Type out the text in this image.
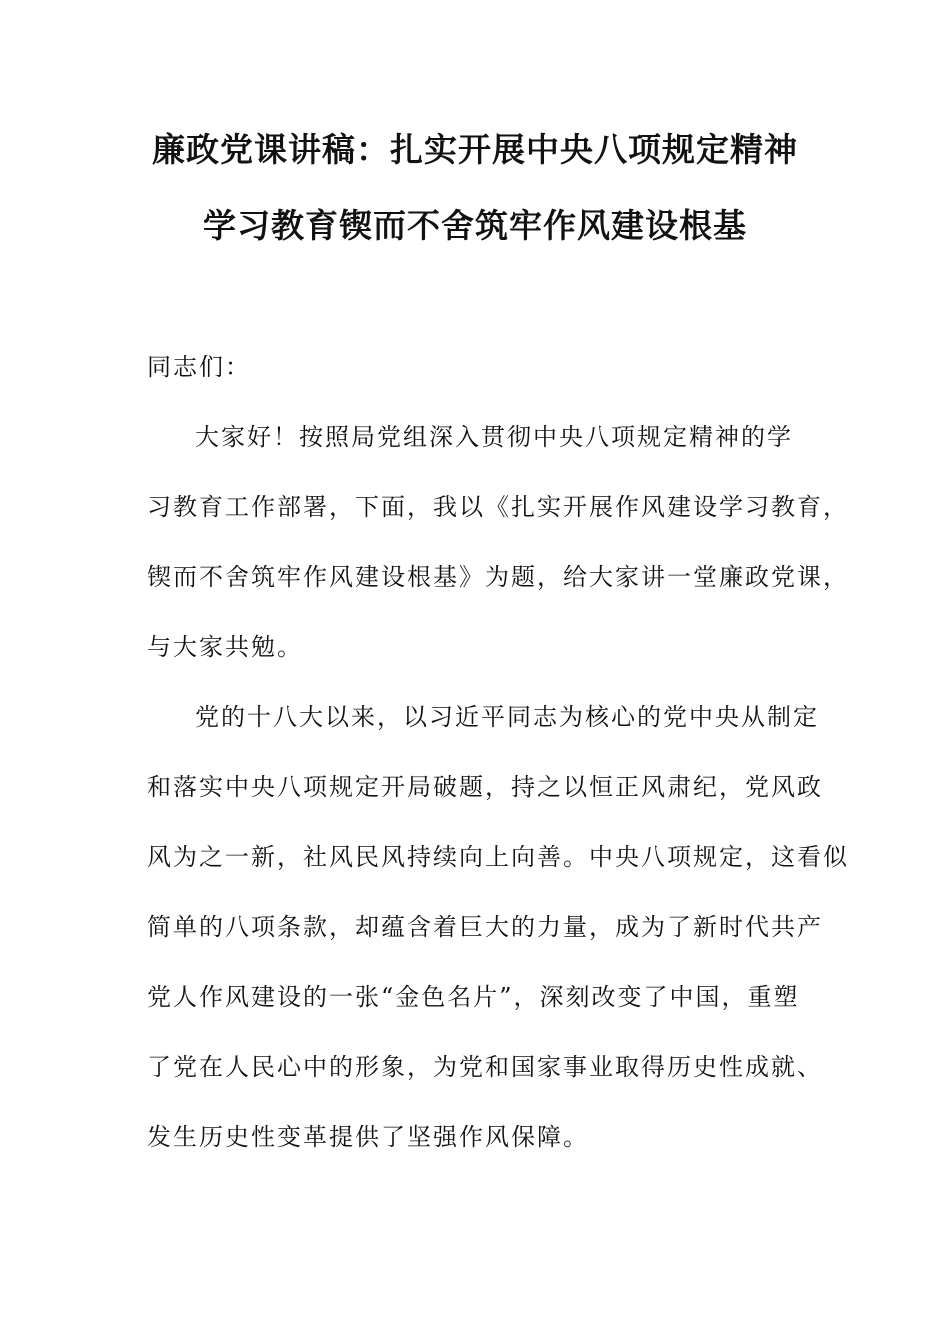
廉政党课讲稿：扎实开展中央八项规定精神
学习教育锲而不舍筑牢作风建设根基

同志们：

大家好！按照局党组深入贯彻中央八项规定精神的学
习教育工作部署，下面，我以《扎实开展作风建设学习教育，
锲而不舍筑牢作风建设根基》为题，给大家讲一堂廉政党课，
与大家共勉。

党的十八大以来，以习近平同志为核心的党中央从制定
和落实中央八项规定开局破题，持之以恒正风肃纪，党风政
风为之一新，社风民风持续向上向善。中央八项规定，这看似
简单的八项条款，却蕴含着巨大的力量，成为了新时代共产
党人作风建设的一张“金色名片”，深刻改变了中国，重塑
了党在人民心中的形象，为党和国家事业取得历史性成就、
发生历史性变革提供了坚强作风保障。
